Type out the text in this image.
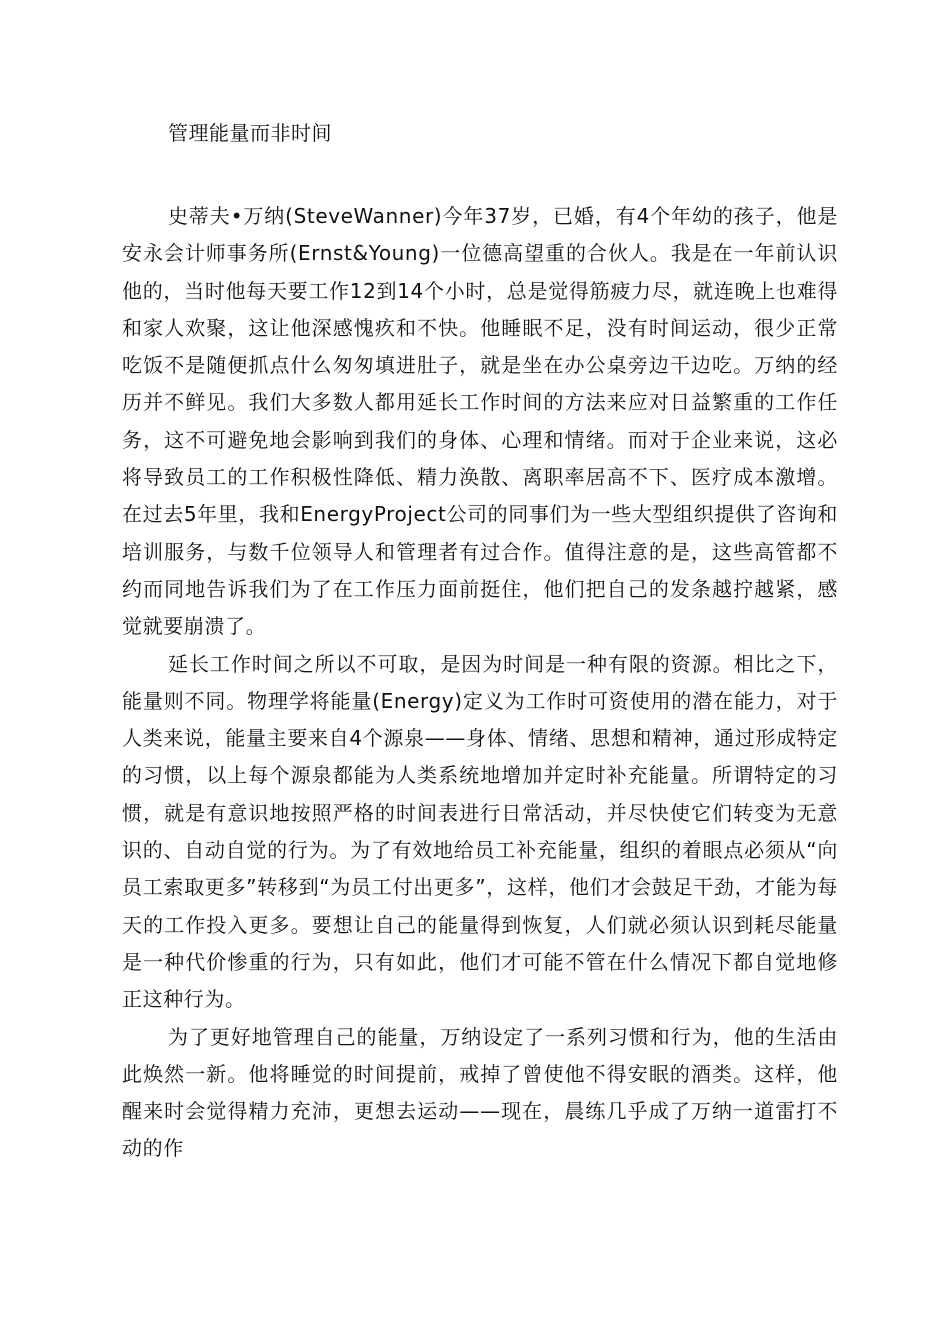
管理能量而非时间

史蒂夫•万纳(SteveWanner)今年37岁，已婚，有4个年幼的孩子，他是安永会计师事务所(Ernst&Young)一位德高望重的合伙人。我是在一年前认识他的，当时他每天要工作12到14个小时，总是觉得筋疲力尽，就连晚上也难得和家人欢聚，这让他深感愧疚和不快。他睡眠不足，没有时间运动，很少正常吃饭不是随便抓点什么匆匆填进肚子，就是坐在办公桌旁边干边吃。万纳的经历并不鲜见。我们大多数人都用延长工作时间的方法来应对日益繁重的工作任务，这不可避免地会影响到我们的身体、心理和情绪。而对于企业来说，这必将导致员工的工作积极性降低、精力涣散、离职率居高不下、医疗成本激增。在过去5年里，我和EnergyProject公司的同事们为一些大型组织提供了咨询和培训服务，与数千位领导人和管理者有过合作。值得注意的是，这些高管都不约而同地告诉我们为了在工作压力面前挺住，他们把自己的发条越拧越紧，感觉就要崩溃了。

延长工作时间之所以不可取，是因为时间是一种有限的资源。相比之下，能量则不同。物理学将能量(Energy)定义为工作时可资使用的潜在能力，对于人类来说，能量主要来自4个源泉——身体、情绪、思想和精神，通过形成特定的习惯，以上每个源泉都能为人类系统地增加并定时补充能量。所谓特定的习惯，就是有意识地按照严格的时间表进行日常活动，并尽快使它们转变为无意识的、自动自觉的行为。为了有效地给员工补充能量，组织的着眼点必须从“向员工索取更多”转移到“为员工付出更多”，这样，他们才会鼓足干劲，才能为每天的工作投入更多。要想让自己的能量得到恢复，人们就必须认识到耗尽能量是一种代价惨重的行为，只有如此，他们才可能不管在什么情况下都自觉地修正这种行为。

为了更好地管理自己的能量，万纳设定了一系列习惯和行为，他的生活由此焕然一新。他将睡觉的时间提前，戒掉了曾使他不得安眠的酒类。这样，他醒来时会觉得精力充沛，更想去运动——现在，晨练几乎成了万纳一道雷打不动的作
